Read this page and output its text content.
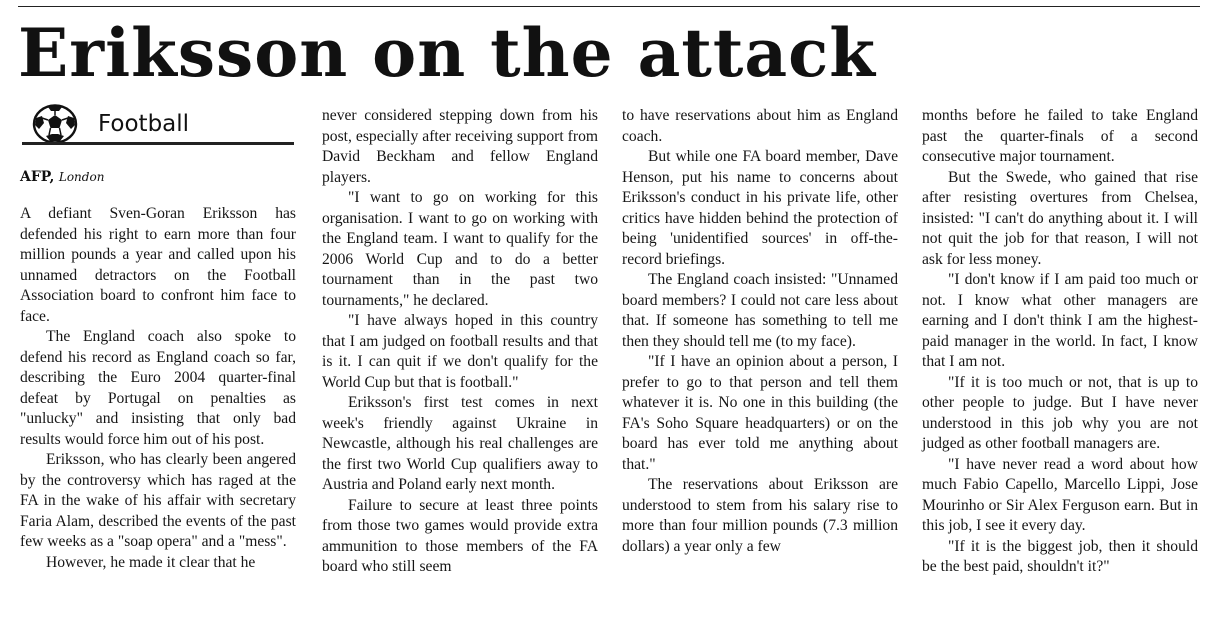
Eriksson on the attack
Football
AFP, London

A defiant Sven-Goran Eriksson has defended his right to earn more than four million pounds a year and called upon his unnamed detractors on the Football Association board to confront him face to face.

The England coach also spoke to defend his record as England coach so far, describing the Euro 2004 quarter-final defeat by Portugal on penalties as "unlucky" and insisting that only bad results would force him out of his post.

Eriksson, who has clearly been angered by the controversy which has raged at the FA in the wake of his affair with secretary Faria Alam, described the events of the past few weeks as a "soap opera" and a "mess".

However, he made it clear that he

never considered stepping down from his post, especially after receiving support from David Beckham and fellow England players.

"I want to go on working for this organisation. I want to go on working with the England team. I want to qualify for the 2006 World Cup and to do a better tournament than in the past two tournaments," he declared.

"I have always hoped in this country that I am judged on football results and that is it. I can quit if we don't qualify for the World Cup but that is football."

Eriksson's first test comes in next week's friendly against Ukraine in Newcastle, although his real challenges are the first two World Cup qualifiers away to Austria and Poland early next month.

Failure to secure at least three points from those two games would provide extra ammunition to those members of the FA board who still seem

to have reservations about him as England coach.

But while one FA board member, Dave Henson, put his name to concerns about Eriksson's conduct in his private life, other critics have hidden behind the protection of being 'unidentified sources' in off-the-record briefings.

The England coach insisted: "Unnamed board members? I could not care less about that. If someone has something to tell me then they should tell me (to my face).

"If I have an opinion about a person, I prefer to go to that person and tell them whatever it is. No one in this building (the FA's Soho Square headquarters) or on the board has ever told me anything about that."

The reservations about Eriksson are understood to stem from his salary rise to more than four million pounds (7.3 million dollars) a year only a few

months before he failed to take England past the quarter-finals of a second consecutive major tournament.

But the Swede, who gained that rise after resisting overtures from Chelsea, insisted: "I can't do anything about it. I will not quit the job for that reason, I will not ask for less money.

"I don't know if I am paid too much or not. I know what other managers are earning and I don't think I am the highest-paid manager in the world. In fact, I know that I am not.

"If it is too much or not, that is up to other people to judge. But I have never understood in this job why you are not judged as other football managers are.

"I have never read a word about how much Fabio Capello, Marcello Lippi, Jose Mourinho or Sir Alex Ferguson earn. But in this job, I see it every day.

"If it is the biggest job, then it should be the best paid, shouldn't it?"
